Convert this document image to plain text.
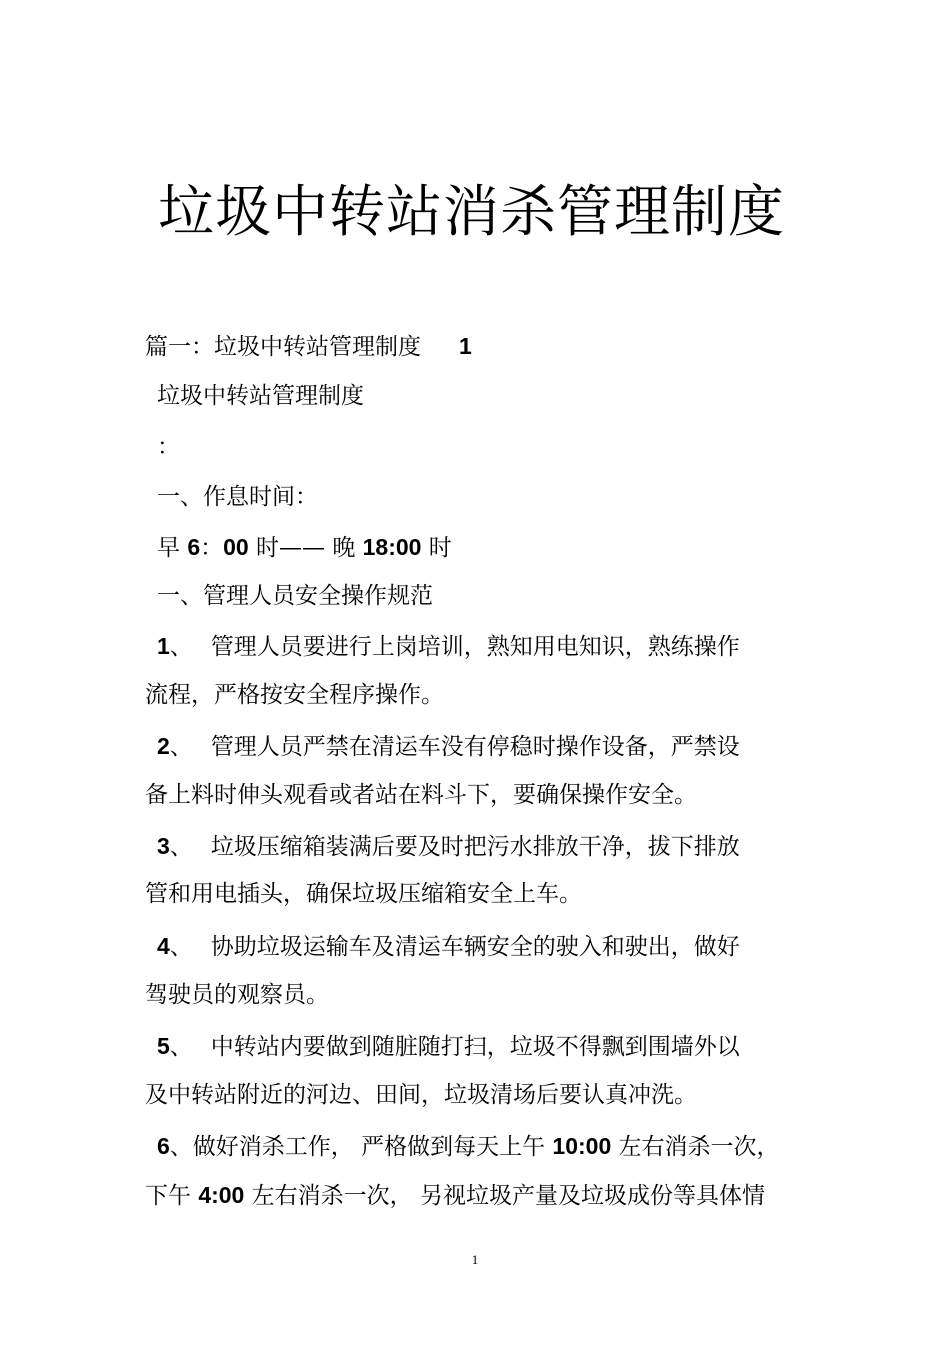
垃圾中转站消杀管理制度
篇一：垃圾中转站管理制度 1
垃圾中转站管理制度
：
一、作息时间：
早 6：00 时—— 晚 18:00 时
一、管理人员安全操作规范
1、 管理人员要进行上岗培训，熟知用电知识，熟练操作
流程，严格按安全程序操作。
2、 管理人员严禁在清运车没有停稳时操作设备，严禁设
备上料时伸头观看或者站在料斗下，要确保操作安全。
3、 垃圾压缩箱装满后要及时把污水排放干净，拔下排放
管和用电插头，确保垃圾压缩箱安全上车。
4、 协助垃圾运输车及清运车辆安全的驶入和驶出，做好
驾驶员的观察员。
5、 中转站内要做到随脏随打扫，垃圾不得飘到围墙外以
及中转站附近的河边、田间，垃圾清场后要认真冲洗。
6、做好消杀工作， 严格做到每天上午 10:00 左右消杀一次，
下午 4:00 左右消杀一次， 另视垃圾产量及垃圾成份等具体情
1
